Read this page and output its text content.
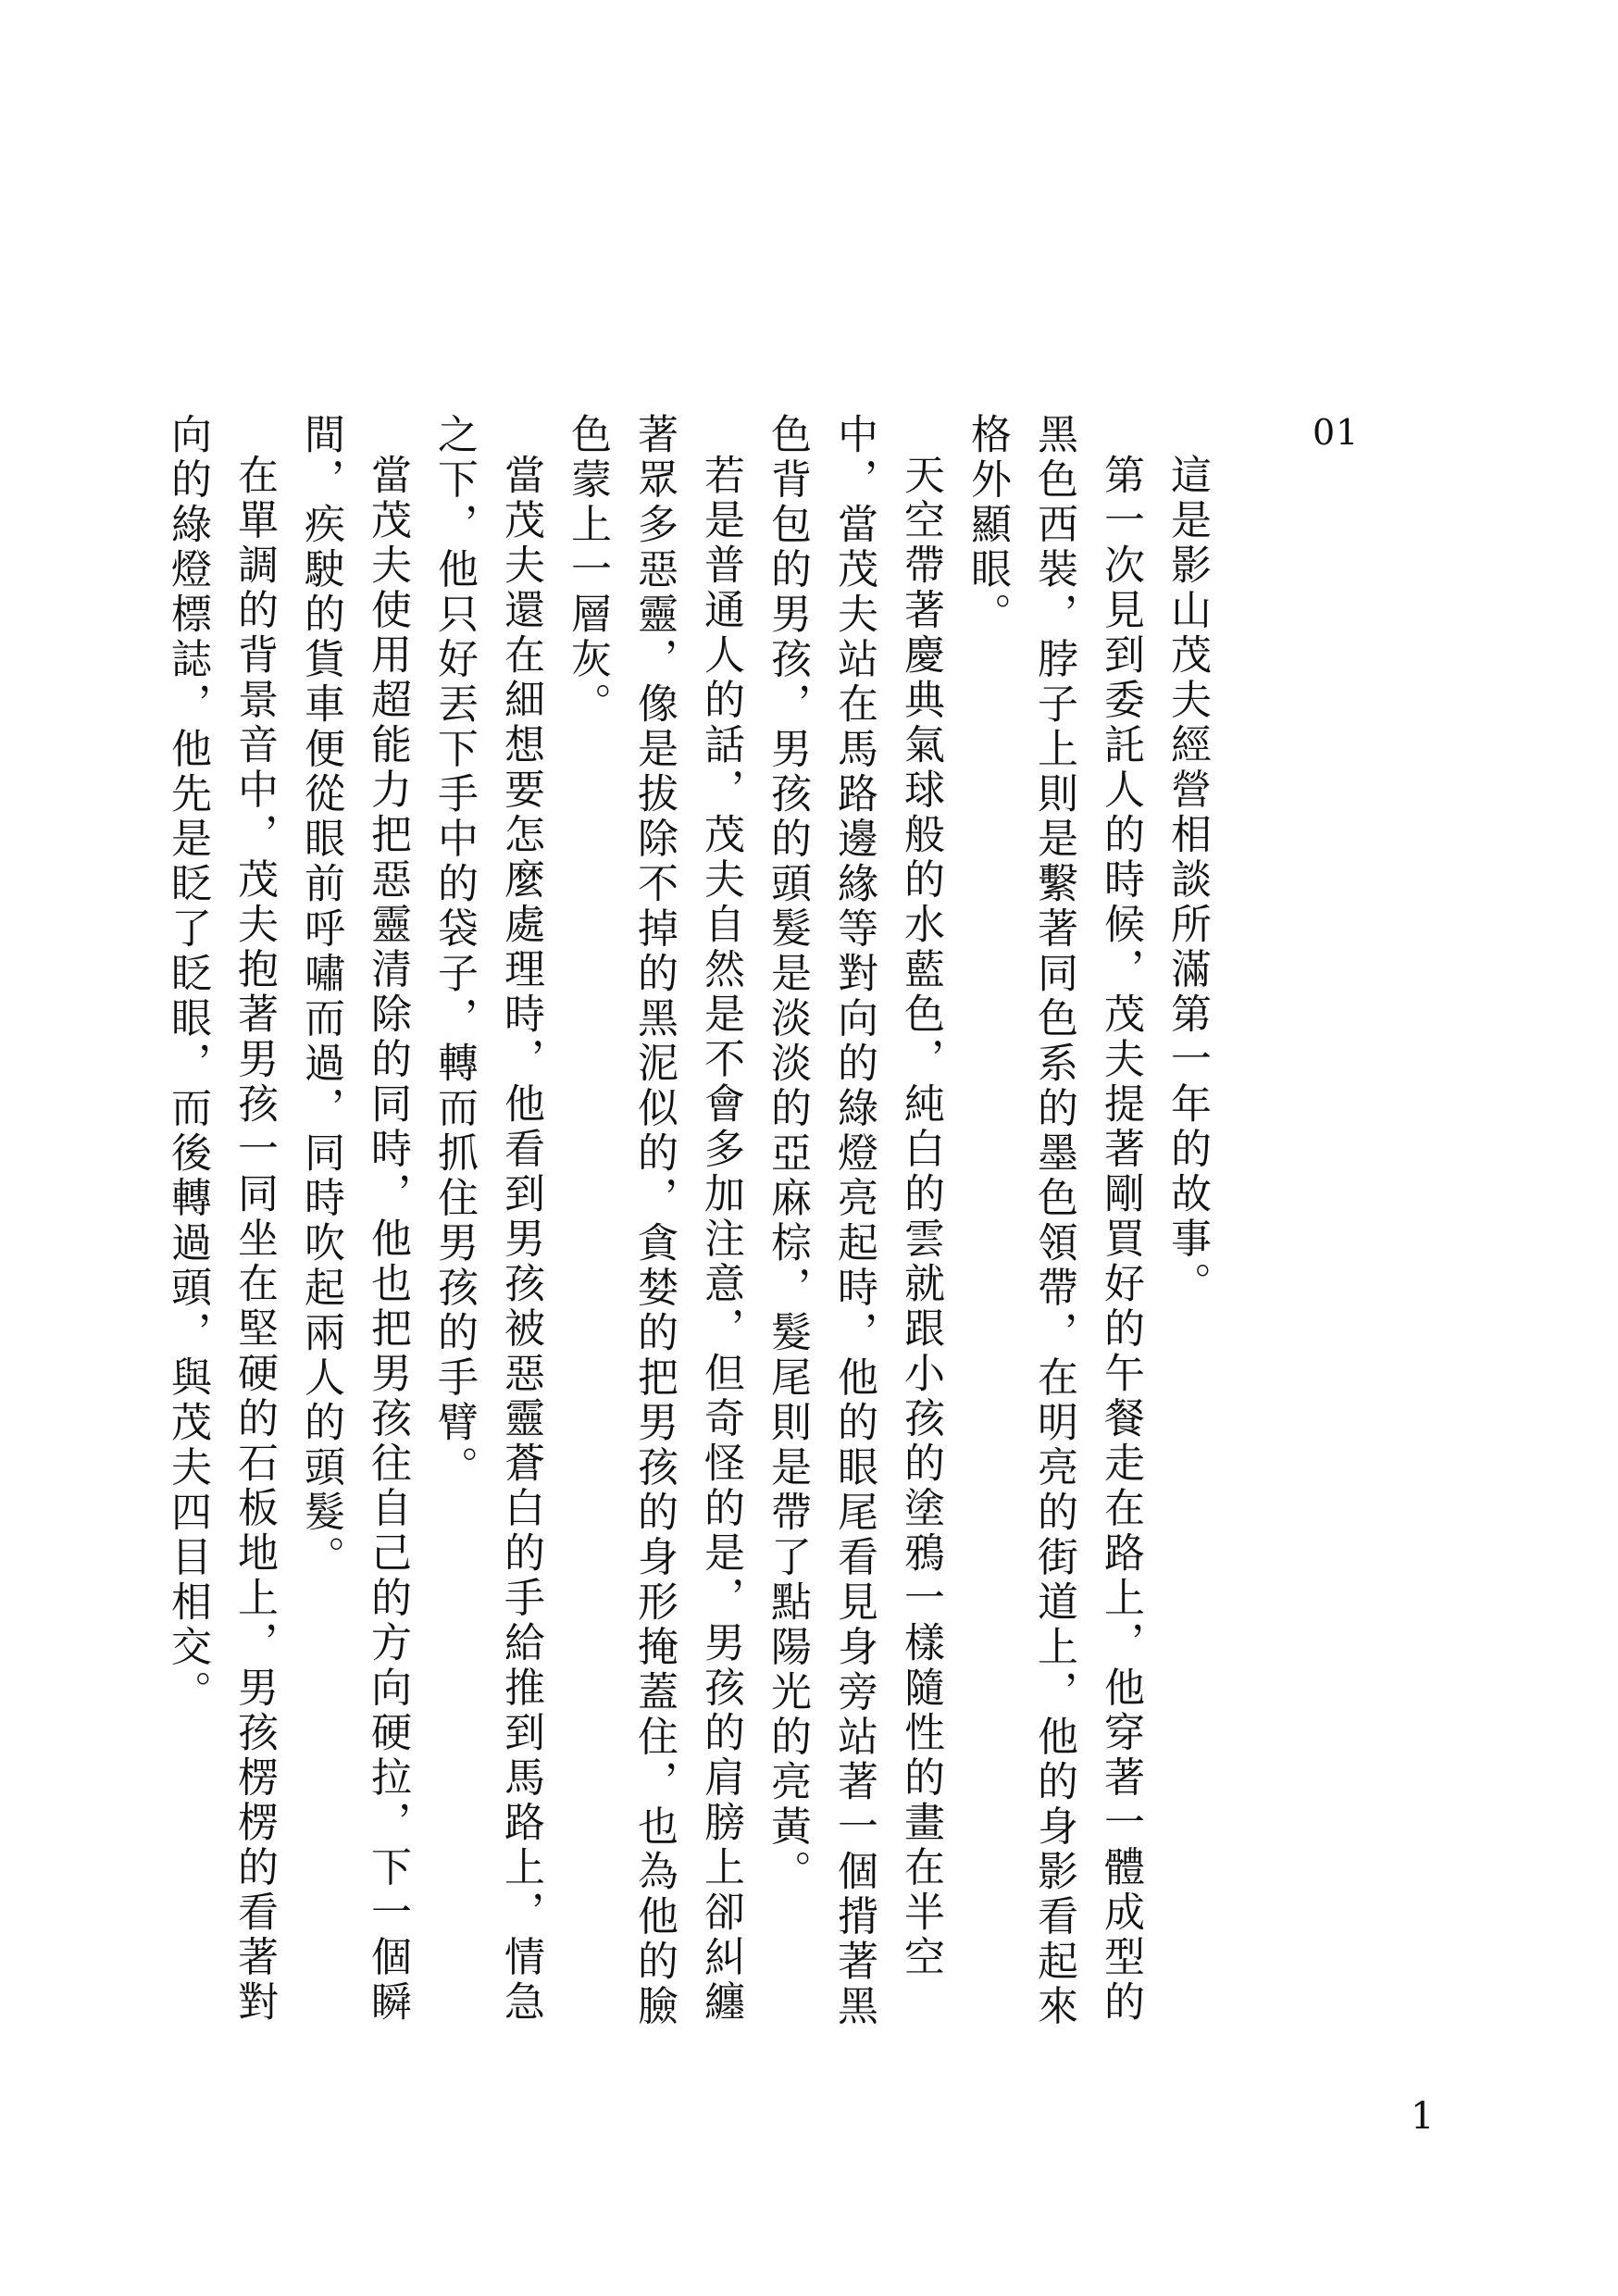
01

這是影山茂夫經營相談所滿第一年的故事。

第一次見到委託人的時候，茂夫提著剛買好的午餐走在路上，他穿著一體成型的黑色西裝，脖子上則是繫著同色系的墨色領帶，在明亮的街道上，他的身影看起來格外顯眼。

天空帶著慶典氣球般的水藍色，純白的雲就跟小孩的塗鴉一樣隨性的畫在半空中，當茂夫站在馬路邊緣等對向的綠燈亮起時，他的眼尾看見身旁站著一個揹著黑色背包的男孩，男孩的頭髮是淡淡的亞麻棕，髮尾則是帶了點陽光的亮黃。

若是普通人的話，茂夫自然是不會多加注意，但奇怪的是，男孩的肩膀上卻糾纏著眾多惡靈，像是拔除不掉的黑泥似的，貪婪的把男孩的身形掩蓋住，也為他的臉色蒙上一層灰。

當茂夫還在細想要怎麼處理時，他看到男孩被惡靈蒼白的手給推到馬路上，情急之下，他只好丟下手中的袋子，轉而抓住男孩的手臂。

當茂夫使用超能力把惡靈清除的同時，他也把男孩往自己的方向硬拉，下一個瞬間，疾駛的貨車便從眼前呼嘯而過，同時吹起兩人的頭髮。

在單調的背景音中，茂夫抱著男孩一同坐在堅硬的石板地上，男孩楞楞的看著對向的綠燈標誌，他先是眨了眨眼，而後轉過頭，與茂夫四目相交。

1
